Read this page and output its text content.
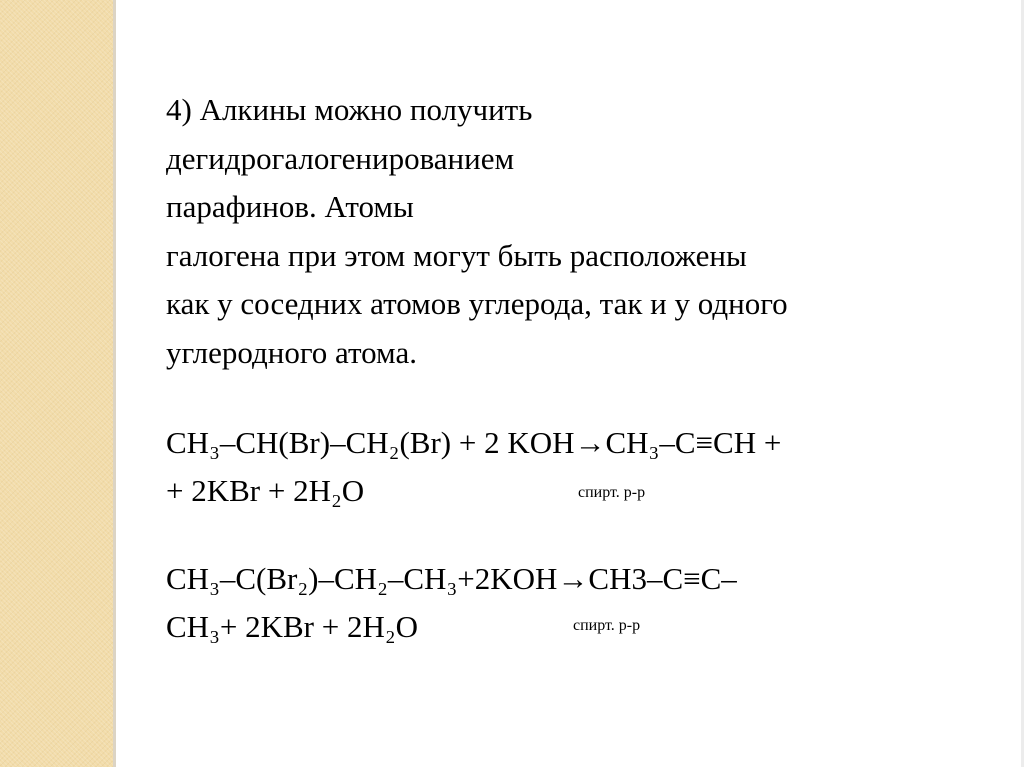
4) Алкины можно получить
дегидрогалогенированием
парафинов. Атомы
галогена при этом могут быть расположены
как у соседних атомов углерода, так и у одного
углеродного атома.
CH₃–CH(Br)–CH₂(Br) + 2 KOH→CH₃–C≡CH +
+ 2KBr + 2H₂O	спирт. р-р
CH₃–C(Br₂)–CH₂–CH₃+2KOH→CH3–C≡C–
CH₃+ 2KBr + 2H₂O	спирт. р-р
